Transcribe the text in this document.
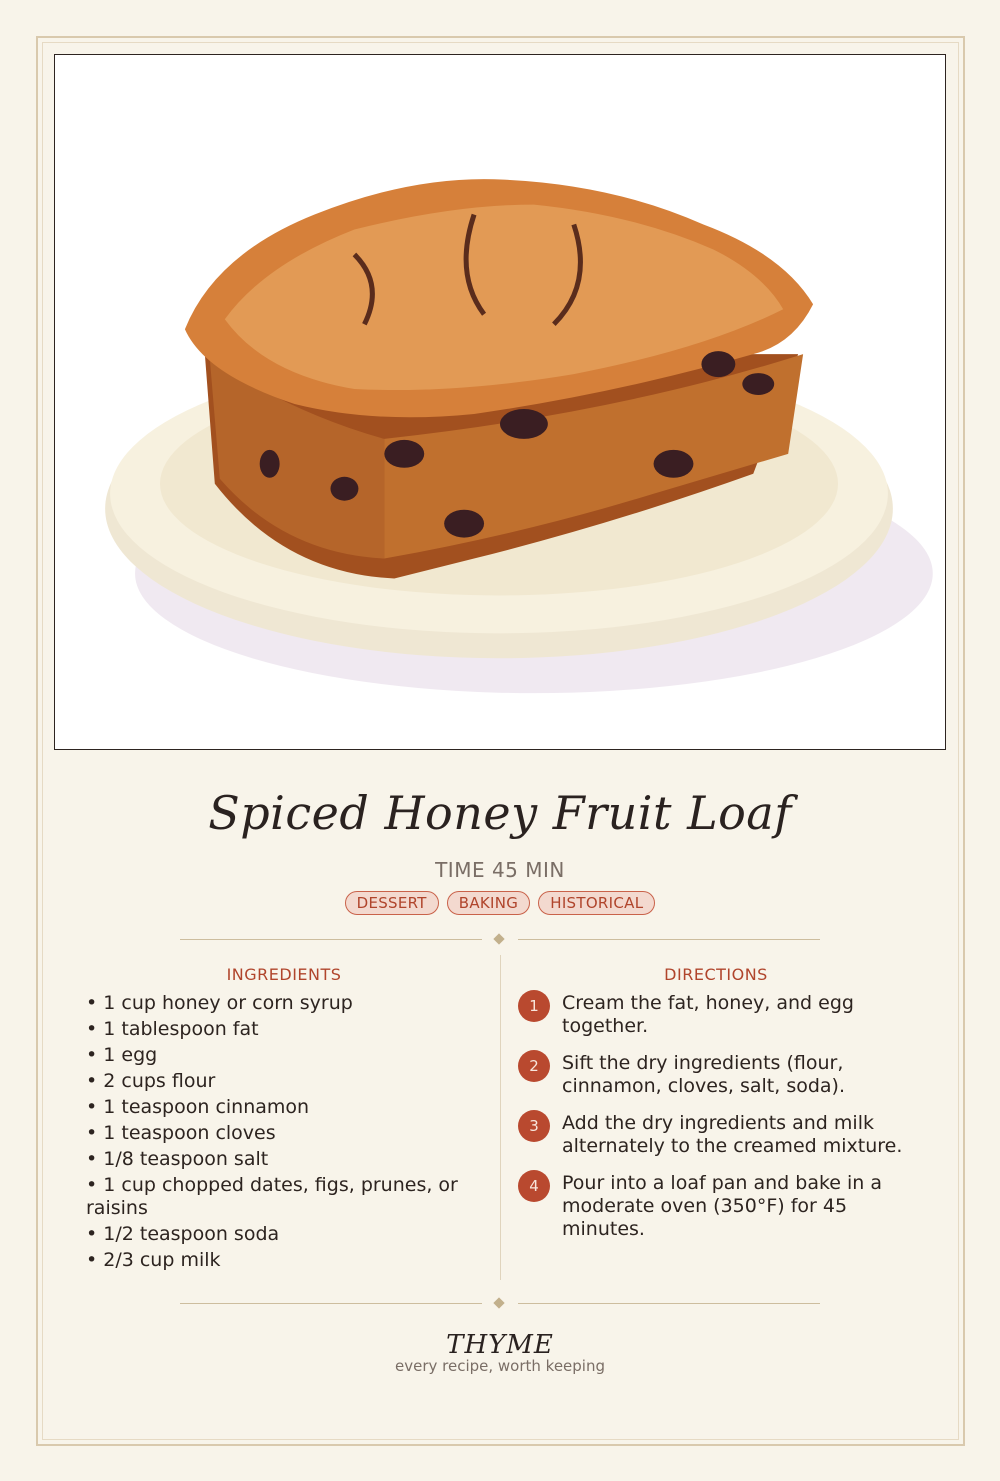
Spiced Honey Fruit Loaf
TIME 45 MIN
DESSERT	BAKING	HISTORICAL
INGREDIENTS
• 1 cup honey or corn syrup
• 1 tablespoon fat
• 1 egg
• 2 cups flour
• 1 teaspoon cinnamon
• 1 teaspoon cloves
• 1/8 teaspoon salt
• 1 cup chopped dates, figs, prunes, or raisins
• 1/2 teaspoon soda
• 2/3 cup milk
DIRECTIONS
1	Cream the fat, honey, and egg together.
2	Sift the dry ingredients (flour, cinnamon, cloves, salt, soda).
3	Add the dry ingredients and milk alternately to the creamed mixture.
4	Pour into a loaf pan and bake in a moderate oven (350°F) for 45 minutes.
THYME
every recipe, worth keeping
